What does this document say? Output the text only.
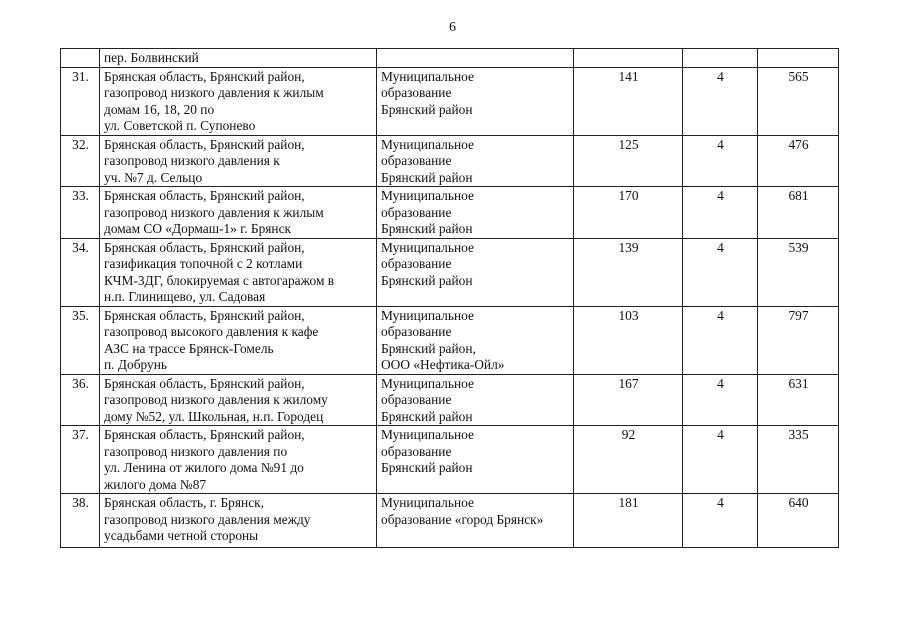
6
	пер. Болвинский				
31.	Брянская область, Брянский район,
газопровод низкого давления к жилым
домам 16, 18, 20 по
ул. Советской п. Супонево	Муниципальное
образование
Брянский район	141	4	565
32.	Брянская область, Брянский район,
газопровод низкого давления к
уч. №7 д. Сельцо	Муниципальное
образование
Брянский район	125	4	476
33.	Брянская область, Брянский район,
газопровод низкого давления к жилым
домам СО «Дормаш-1» г. Брянск	Муниципальное
образование
Брянский район	170	4	681
34.	Брянская область, Брянский район,
газификация топочной с 2 котлами
КЧМ-3ДГ, блокируемая с автогаражом в
н.п. Глинищево, ул. Садовая	Муниципальное
образование
Брянский район	139	4	539
35.	Брянская область, Брянский район,
газопровод высокого давления к кафе
АЗС на трассе Брянск-Гомель
п. Добрунь	Муниципальное
образование
Брянский район,
ООО «Нефтика-Ойл»	103	4	797
36.	Брянская область, Брянский район,
газопровод низкого давления к жилому
дому №52, ул. Школьная, н.п. Городец	Муниципальное
образование
Брянский район	167	4	631
37.	Брянская область, Брянский район,
газопровод низкого давления по
ул. Ленина от жилого дома №91 до
жилого дома №87	Муниципальное
образование
Брянский район	92	4	335
38.	Брянская область, г. Брянск,
газопровод низкого давления между
усадьбами четной стороны	Муниципальное
образование «город Брянск»	181	4	640
